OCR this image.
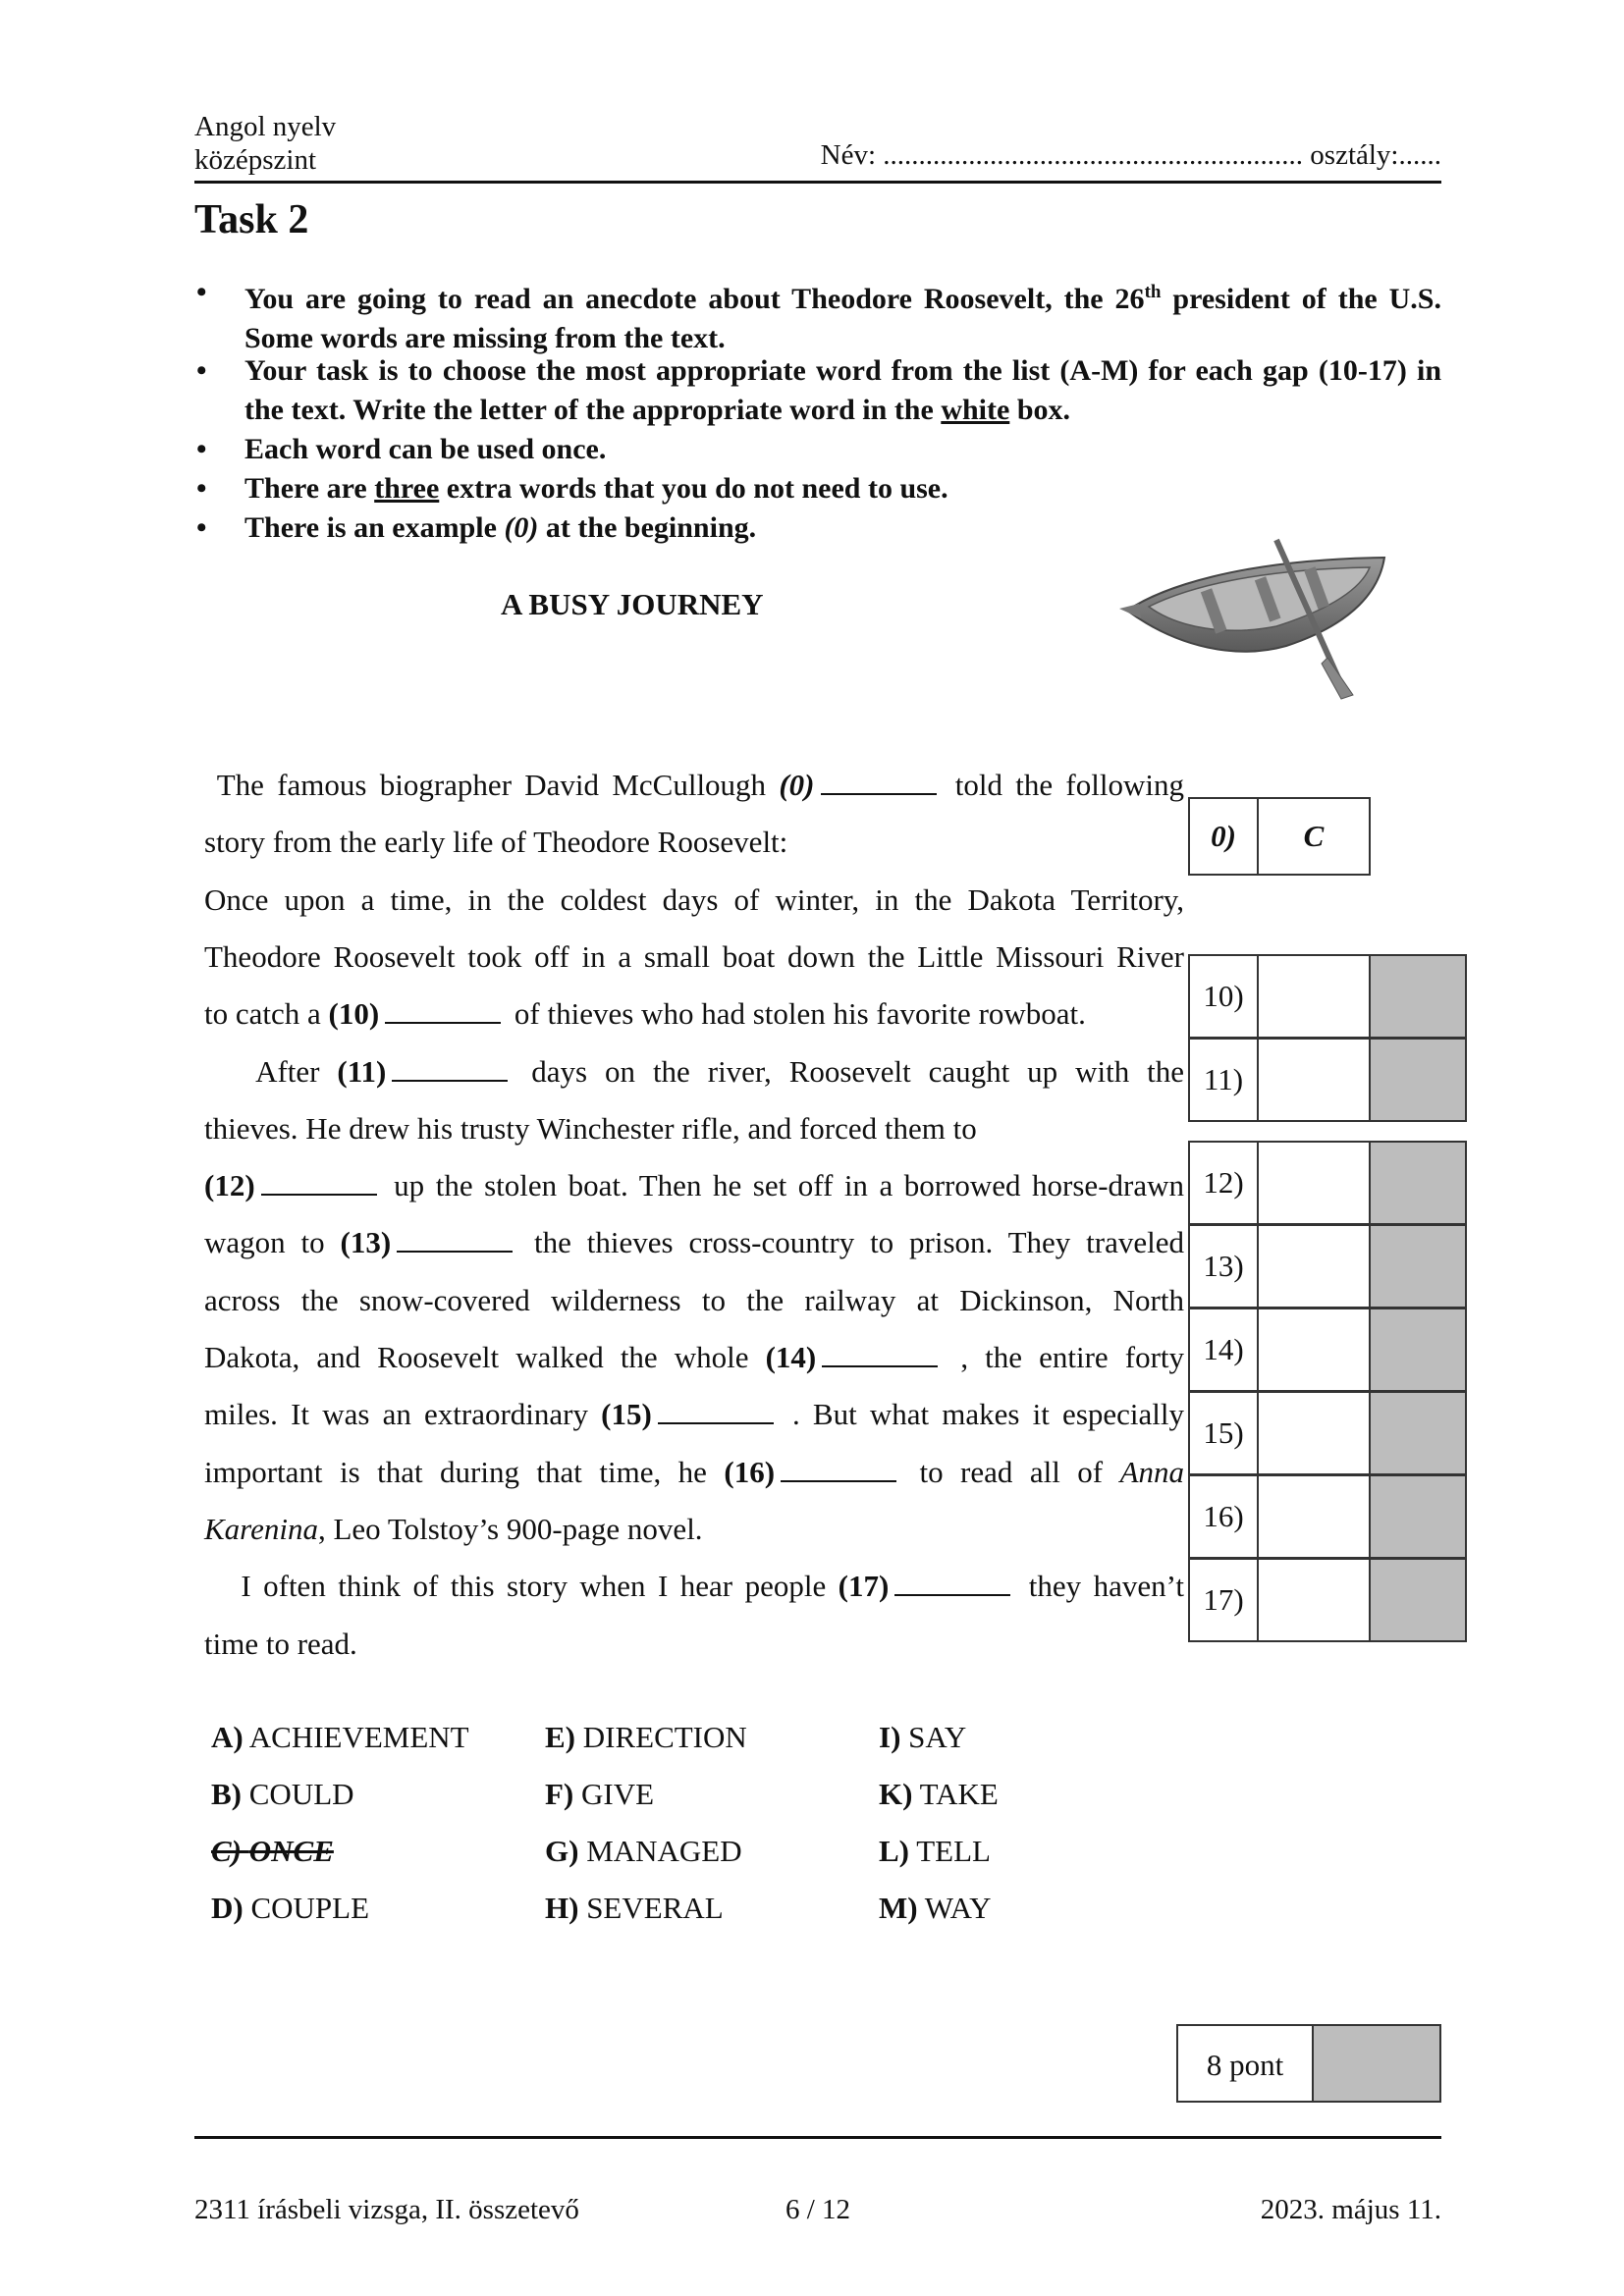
Angol nyelv
középszint	Név: ........................................................... osztály:......
Task 2
• You are going to read an anecdote about Theodore Roosevelt, the 26th president of the U.S. Some words are missing from the text.
• Your task is to choose the most appropriate word from the list (A-M) for each gap (10-17) in the text. Write the letter of the appropriate word in the white box.
• Each word can be used once.
• There are three extra words that you do not need to use.
• There is an example (0) at the beginning.
A BUSY JOURNEY
The famous biographer David McCullough (0)	told the following
story from the early life of Theodore Roosevelt:
Once upon a time, in the coldest days of winter, in the Dakota Territory,
Theodore Roosevelt took off in a small boat down the Little Missouri River
to catch a (10)	of thieves who had stolen his favorite rowboat.
After (11)	days on the river, Roosevelt caught up with the
thieves. He drew his trusty Winchester rifle, and forced them to
(12)	up the stolen boat. Then he set off in a borrowed horse-drawn
wagon to (13)	the thieves cross-country to prison. They traveled
across the snow-covered wilderness to the railway at Dickinson, North
Dakota, and Roosevelt walked the whole (14)	, the entire forty
miles. It was an extraordinary (15)	. But what makes it especially
important is that during that time, he (16)	to read all of Anna
Karenina, Leo Tolstoy’s 900-page novel.
I often think of this story when I hear people (17)	they haven’t
time to read.
0)	C
10)
11)
12)
13)
14)
15)
16)
17)
A) ACHIEVEMENT
B) COULD
C) ONCE
D) COUPLE
E) DIRECTION
F) GIVE
G) MANAGED
H) SEVERAL
I) SAY
K) TAKE
L) TELL
M) WAY
8 pont
2311 írásbeli vizsga, II. összetevő	6 / 12	2023. május 11.
